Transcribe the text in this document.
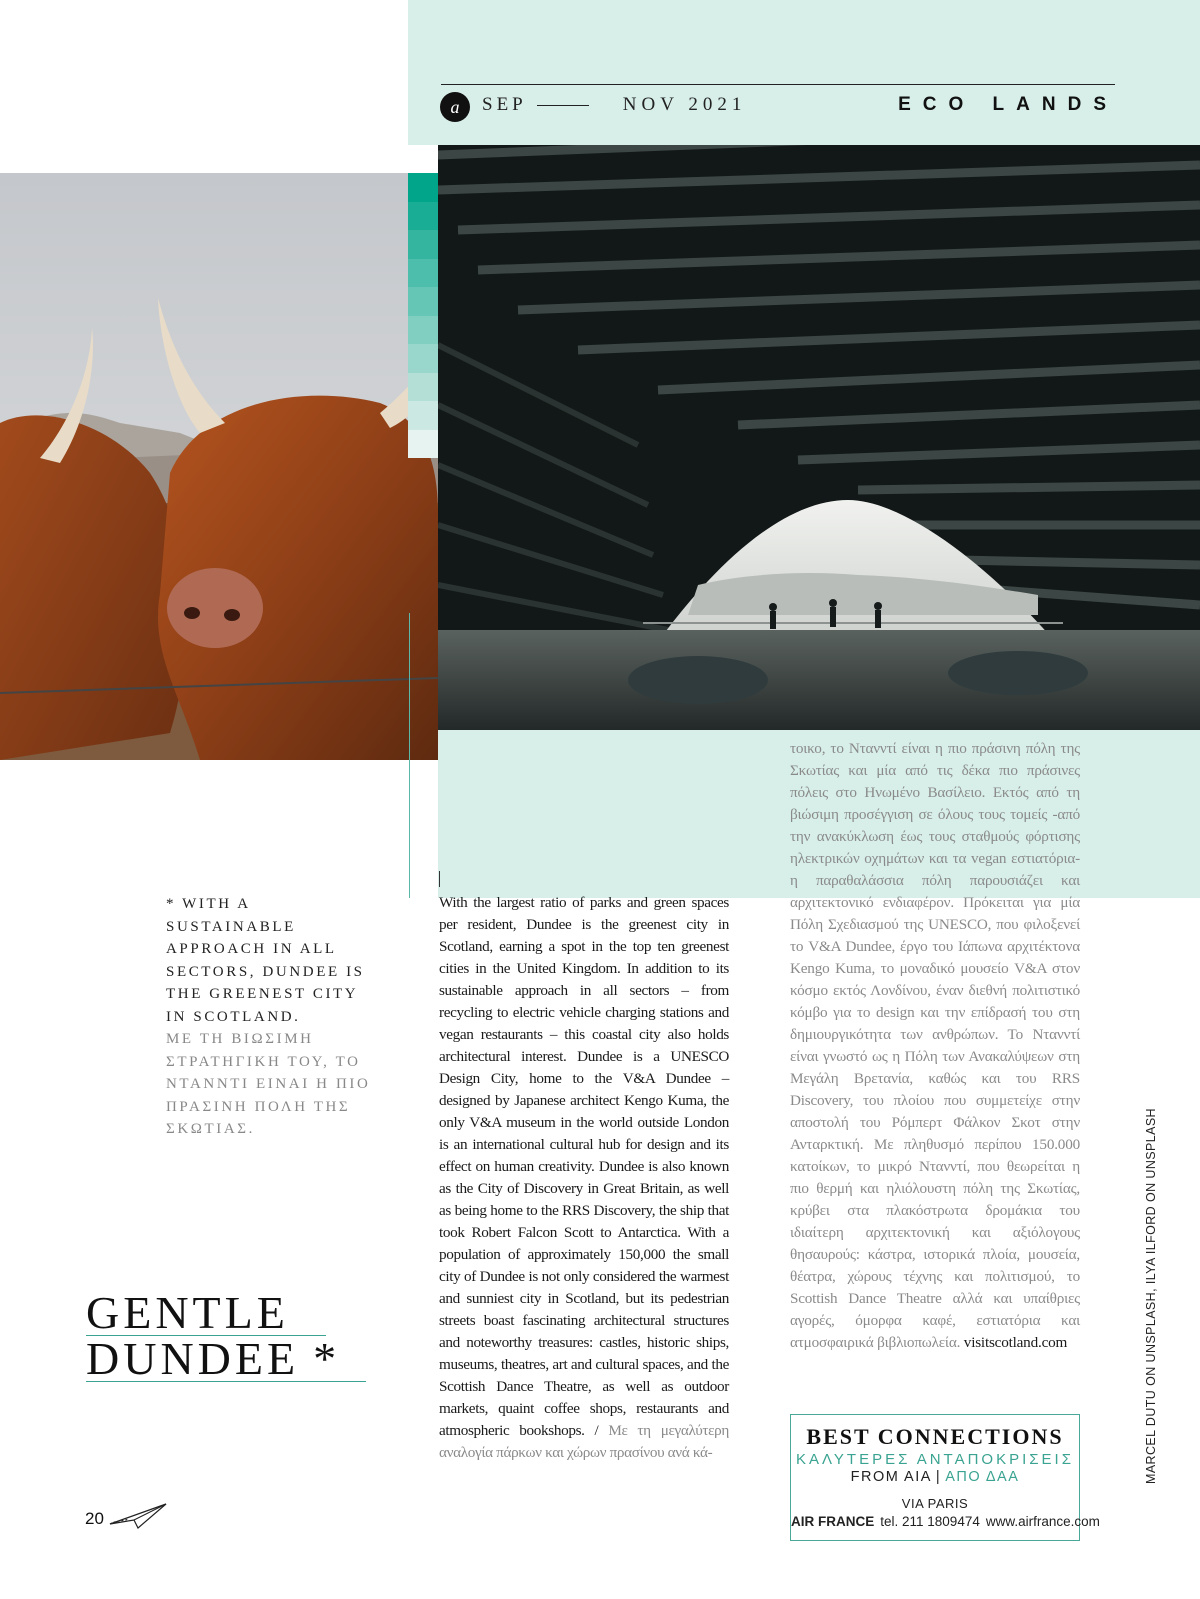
a	SEP	NOV 2021	ECO LANDS
* WITH A SUSTAINABLE APPROACH IN ALL SECTORS, DUNDEE IS THE GREENEST CITY IN SCOTLAND.
ΜΕ ΤΗ ΒΙΩΣΙΜΗ ΣΤΡΑΤΗΓΙΚΗ ΤΟΥ, ΤΟ ΝΤΑΝΝΤΙ ΕΙΝΑΙ Η ΠΙΟ ΠΡΑΣΙΝΗ ΠΟΛΗ ΤΗΣ ΣΚΩΤΙΑΣ.
GENTLE
DUNDEE *

With the largest ratio of parks and green spaces per resident, Dundee is the greenest city in Scotland, earning a spot in the top ten greenest cities in the United Kingdom. In addition to its sustainable approach in all sectors – from recycling to electric vehicle charging stations and vegan restaurants – this coastal city also holds architectural interest. Dundee is a UNESCO Design City, home to the V&A Dundee – designed by Japanese architect Kengo Kuma, the only V&A museum in the world outside London is an international cultural hub for design and its effect on human creativity. Dundee is also known as the City of Discovery in Great Britain, as well as being home to the RRS Discovery, the ship that took Robert Falcon Scott to Antarctica. With a population of approximately 150,000 the small city of Dundee is not only considered the warmest and sunniest city in Scotland, but its pedestrian streets boast fascinating architectural structures and noteworthy treasures: castles, historic ships, museums, theatres, art and cultural spaces, and the Scottish Dance Theatre, as well as outdoor markets, quaint coffee shops, restaurants and atmospheric bookshops. / Με τη μεγαλύτερη αναλογία πάρκων και χώρων πρασίνου ανά κά-

τοικο, το Ντανντί είναι η πιο πράσινη πόλη της Σκωτίας και μία από τις δέκα πιο πράσινες πόλεις στο Ηνωμένο Βασίλειο. Εκτός από τη βιώσιμη προσέγγιση σε όλους τους τομείς -από την ανακύκλωση έως τους σταθμούς φόρτισης ηλεκτρικών οχημάτων και τα vegan εστιατόρια- η παραθαλάσσια πόλη παρουσιάζει και αρχιτεκτονικό ενδιαφέρον. Πρόκειται για μία Πόλη Σχεδιασμού της UNESCO, που φιλοξενεί το V&A Dundee, έργο του Ιάπωνα αρχιτέκτονα Kengo Kuma, το μοναδικό μουσείο V&A στον κόσμο εκτός Λονδίνου, έναν διεθνή πολιτιστικό κόμβο για το design και την επίδρασή του στη δημιουργικότητα των ανθρώπων. Το Ντανντί είναι γνωστό ως η Πόλη των Ανακαλύψεων στη Μεγάλη Βρετανία, καθώς και του RRS Discovery, του πλοίου που συμμετείχε στην αποστολή του Ρόμπερτ Φάλκον Σκοτ στην Ανταρκτική. Με πληθυσμό περίπου 150.000 κατοίκων, το μικρό Ντανντί, που θεωρείται η πιο θερμή και ηλιόλουστη πόλη της Σκωτίας, κρύβει στα πλακόστρωτα δρομάκια του ιδιαίτερη αρχιτεκτονική και αξιόλογους θησαυρούς: κάστρα, ιστορικά πλοία, μουσεία, θέατρα, χώρους τέχνης και πολιτισμού, το Scottish Dance Theatre αλλά και υπαίθριες αγορές, όμορφα καφέ, εστιατόρια και ατμοσφαιρικά βιβλιοπωλεία. visitscotland.com

BEST CONNECTIONS
ΚΑΛΥΤΕΡΕΣ ΑΝΤΑΠΟΚΡΙΣΕΙΣ
FROM AIA | ΑΠΟ ΔΑΑ
VIA PARIS
AIR FRANCE tel. 211 1809474 www.airfrance.com
MARCEL DUTU ON UNSPLASH, ILYA ILFORD ON UNSPLASH
20
